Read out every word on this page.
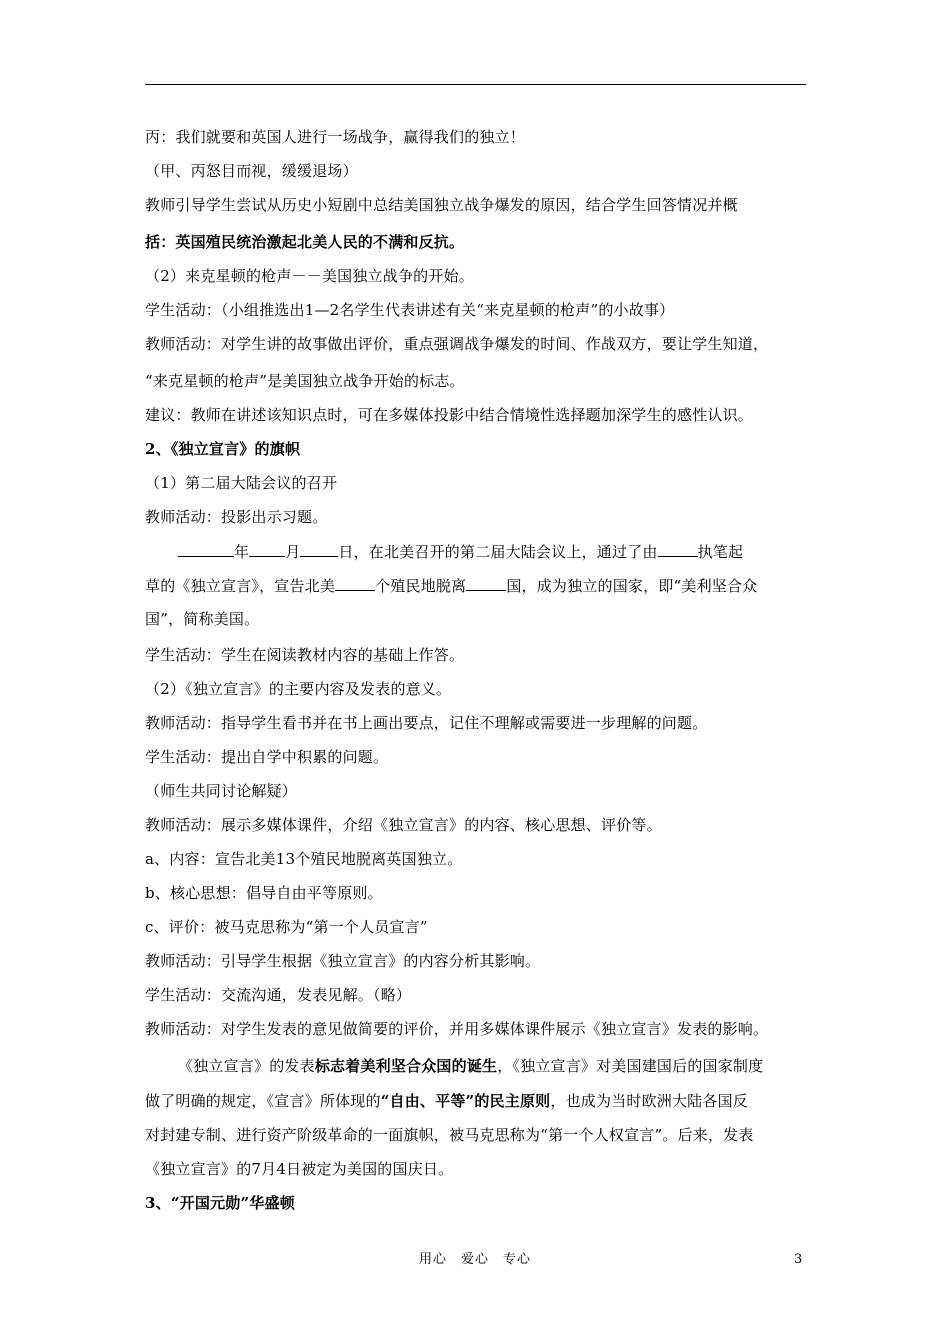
丙：我们就要和英国人进行一场战争，赢得我们的独立！
（甲、丙怒目而视，缓缓退场）
教师引导学生尝试从历史小短剧中总结美国独立战争爆发的原因，结合学生回答情况并概
括：英国殖民统治激起北美人民的不满和反抗。
（2）来克星顿的枪声－－美国独立战争的开始。
学生活动：（小组推选出1—2名学生代表讲述有关“来克星顿的枪声”的小故事）
教师活动：对学生讲的故事做出评价，重点强调战争爆发的时间、作战双方，要让学生知道，
“来克星顿的枪声”是美国独立战争开始的标志。
建议：教师在讲述该知识点时，可在多媒体投影中结合情境性选择题加深学生的感性认识。
2、《独立宣言》的旗帜
（1）第二届大陆会议的召开
教师活动：投影出示习题。
年 月	日，在北美召开的第二届大陆会议上，通过了由	执笔起
草的《独立宣言》，宣告北美	个殖民地脱离	国，成为独立的国家，即“美利坚合众
国”，简称美国。
学生活动：学生在阅读教材内容的基础上作答。
（2）《独立宣言》的主要内容及发表的意义。
教师活动：指导学生看书并在书上画出要点，记住不理解或需要进一步理解的问题。
学生活动：提出自学中积累的问题。
（师生共同讨论解疑）
教师活动：展示多媒体课件，介绍《独立宣言》的内容、核心思想、评价等。
a、内容：宣告北美13个殖民地脱离英国独立。
b、核心思想：倡导自由平等原则。
c、评价：被马克思称为“第一个人员宣言”
教师活动：引导学生根据《独立宣言》的内容分析其影响。
学生活动：交流沟通，发表见解。（略）
教师活动：对学生发表的意见做简要的评价，并用多媒体课件展示《独立宣言》发表的影响。
《独立宣言》的发表标志着美利坚合众国的诞生，《独立宣言》对美国建国后的国家制度
做了明确的规定，《宣言》所体现的“自由、平等”的民主原则，也成为当时欧洲大陆各国反
对封建专制、进行资产阶级革命的一面旗帜，被马克思称为“第一个人权宣言”。后来，发表
《独立宣言》的7月4日被定为美国的国庆日。
3、“开国元勋”华盛顿
用心　爱心　专心	3
